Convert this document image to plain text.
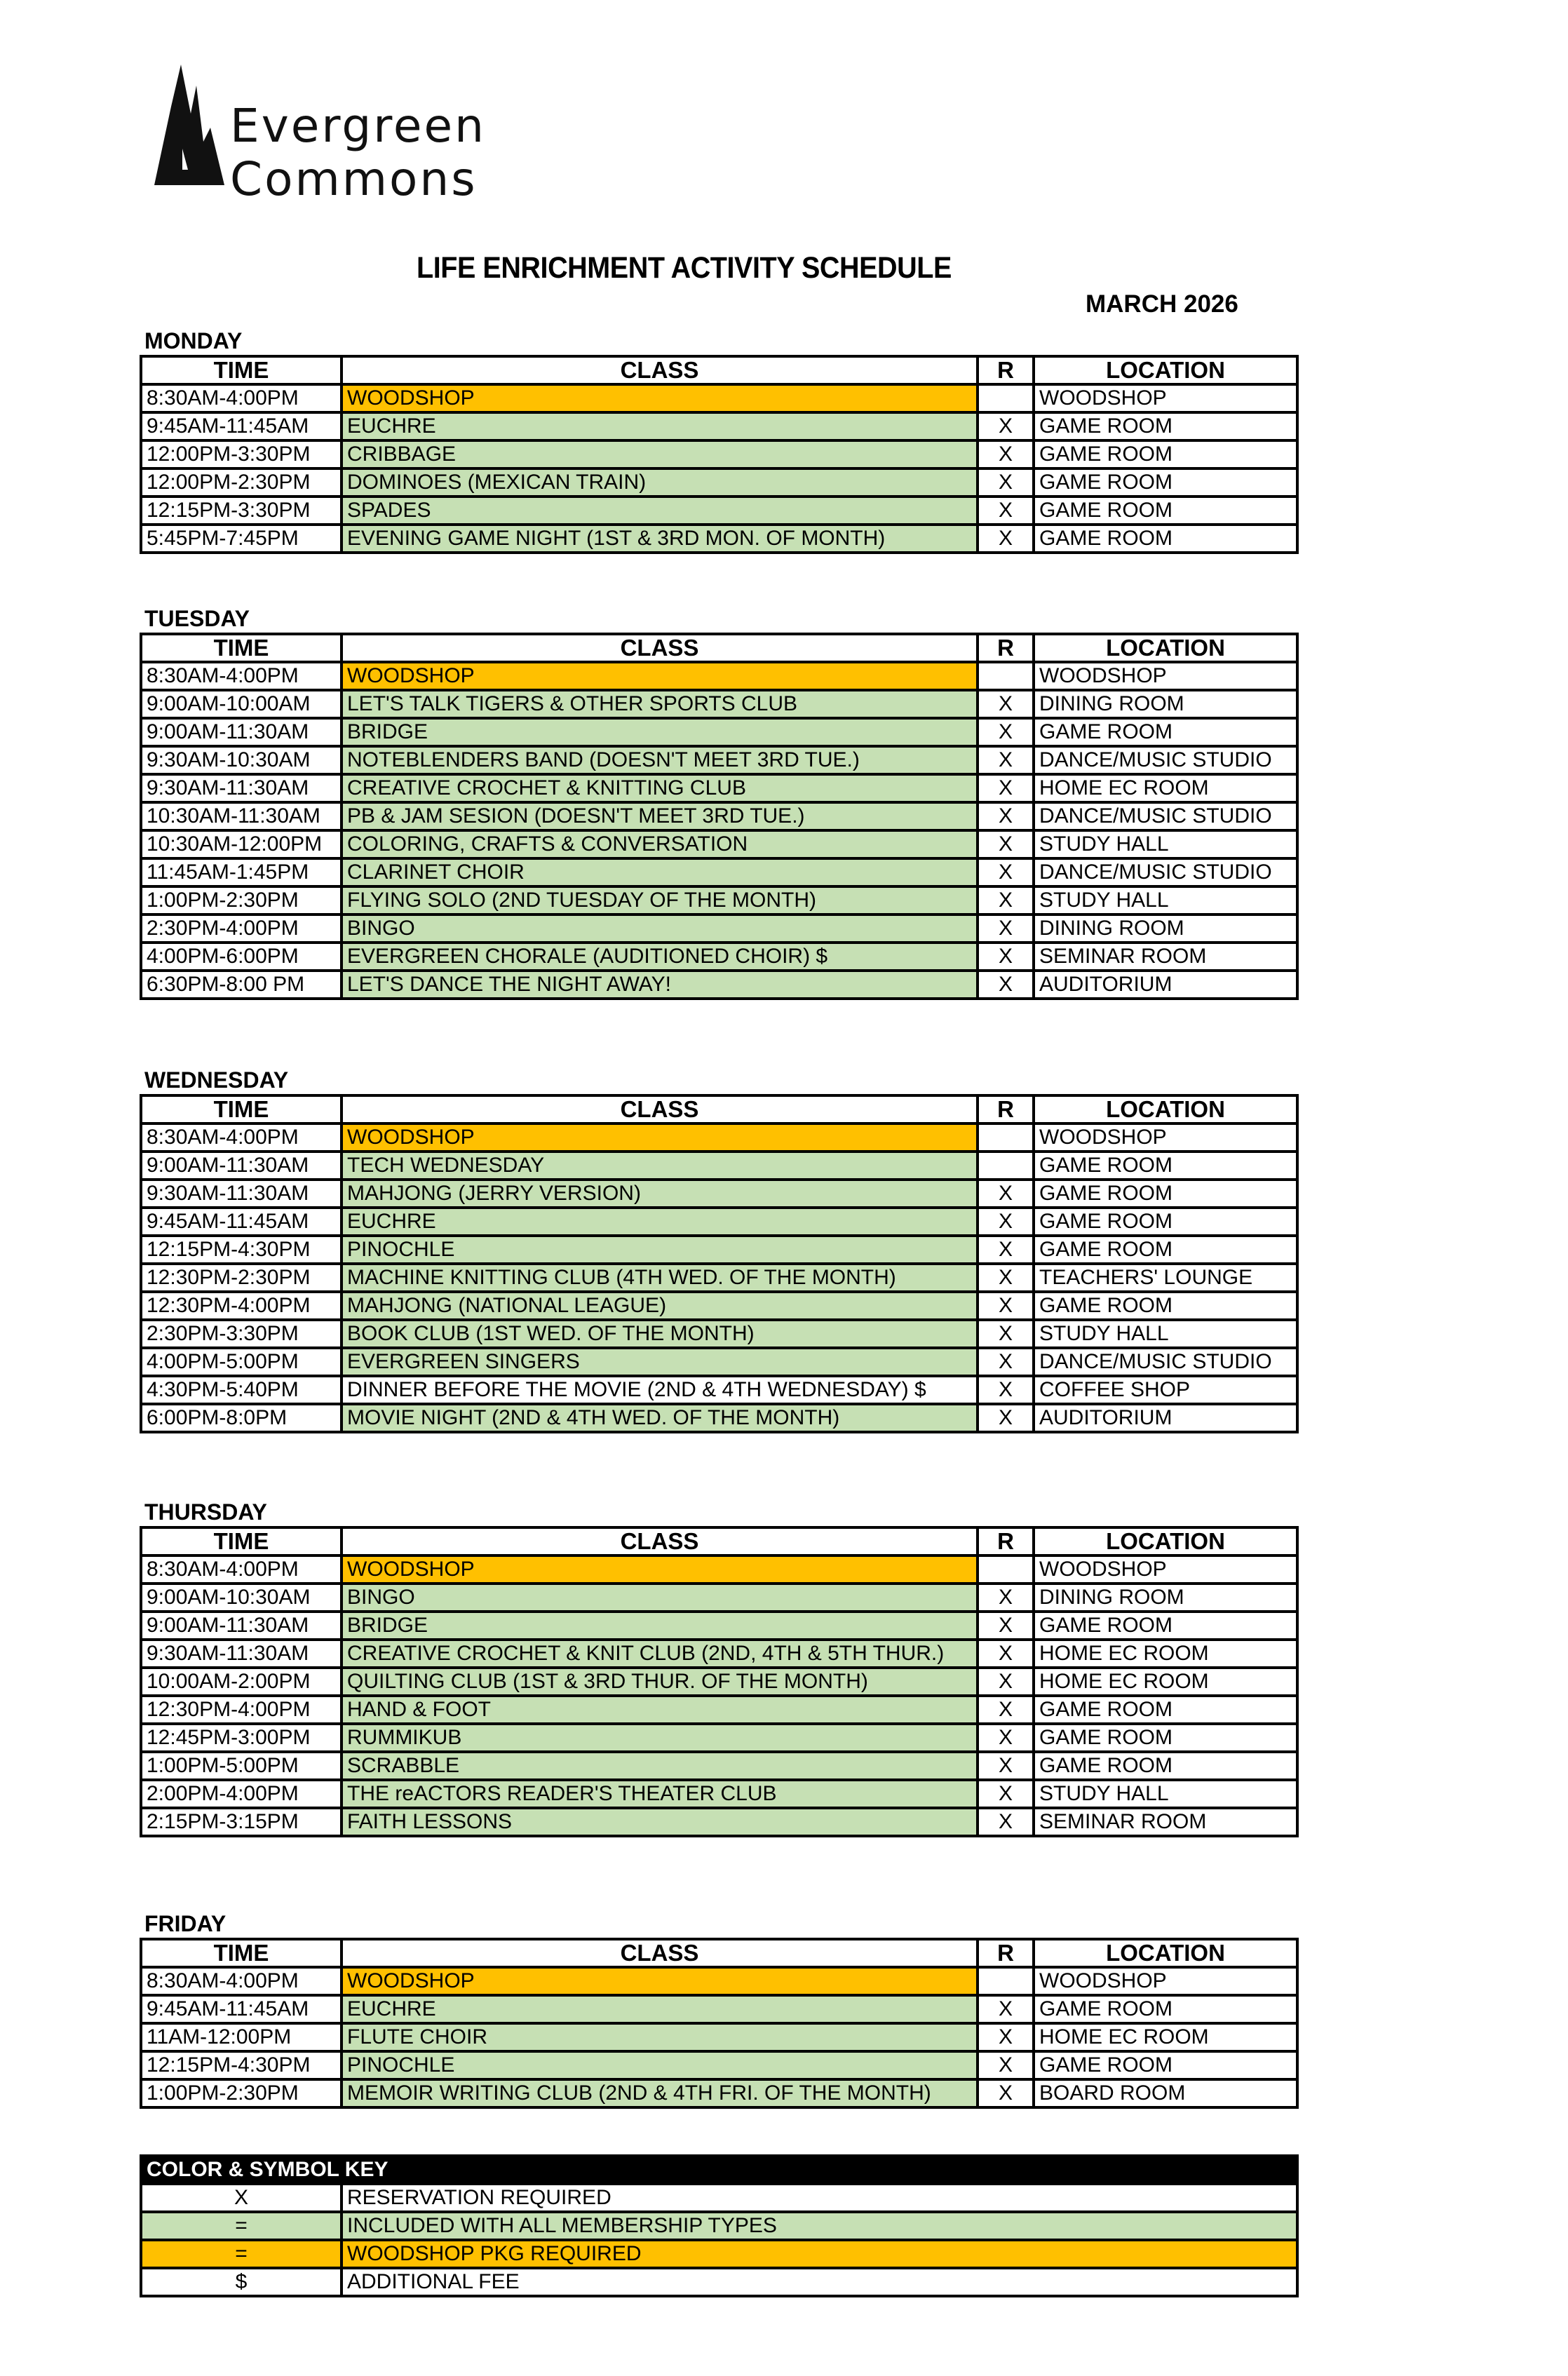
Evergreen
Commons
LIFE ENRICHMENT ACTIVITY SCHEDULE
MARCH 2026
MONDAY
TIME	CLASS	R	LOCATION
8:30AM-4:00PM	WOODSHOP		WOODSHOP
9:45AM-11:45AM	EUCHRE	X	GAME ROOM
12:00PM-3:30PM	CRIBBAGE	X	GAME ROOM
12:00PM-2:30PM	DOMINOES (MEXICAN TRAIN)	X	GAME ROOM
12:15PM-3:30PM	SPADES	X	GAME ROOM
5:45PM-7:45PM	EVENING GAME NIGHT (1ST & 3RD MON. OF MONTH)	X	GAME ROOM
TUESDAY
TIME	CLASS	R	LOCATION
8:30AM-4:00PM	WOODSHOP		WOODSHOP
9:00AM-10:00AM	LET'S TALK TIGERS & OTHER SPORTS CLUB	X	DINING ROOM
9:00AM-11:30AM	BRIDGE	X	GAME ROOM
9:30AM-10:30AM	NOTEBLENDERS BAND (DOESN'T MEET 3RD TUE.)	X	DANCE/MUSIC STUDIO
9:30AM-11:30AM	CREATIVE CROCHET & KNITTING CLUB	X	HOME EC ROOM
10:30AM-11:30AM	PB & JAM SESION (DOESN'T MEET 3RD TUE.)	X	DANCE/MUSIC STUDIO
10:30AM-12:00PM	COLORING, CRAFTS & CONVERSATION	X	STUDY HALL
11:45AM-1:45PM	CLARINET CHOIR	X	DANCE/MUSIC STUDIO
1:00PM-2:30PM	FLYING SOLO (2ND TUESDAY OF THE MONTH)	X	STUDY HALL
2:30PM-4:00PM	BINGO	X	DINING ROOM
4:00PM-6:00PM	EVERGREEN CHORALE (AUDITIONED CHOIR) $	X	SEMINAR ROOM
6:30PM-8:00 PM	LET'S DANCE THE NIGHT AWAY!	X	AUDITORIUM
WEDNESDAY
TIME	CLASS	R	LOCATION
8:30AM-4:00PM	WOODSHOP		WOODSHOP
9:00AM-11:30AM	TECH WEDNESDAY		GAME ROOM
9:30AM-11:30AM	MAHJONG (JERRY VERSION)	X	GAME ROOM
9:45AM-11:45AM	EUCHRE	X	GAME ROOM
12:15PM-4:30PM	PINOCHLE	X	GAME ROOM
12:30PM-2:30PM	MACHINE KNITTING CLUB (4TH WED. OF THE MONTH)	X	TEACHERS' LOUNGE
12:30PM-4:00PM	MAHJONG (NATIONAL LEAGUE)	X	GAME ROOM
2:30PM-3:30PM	BOOK CLUB (1ST WED. OF THE MONTH)	X	STUDY HALL
4:00PM-5:00PM	EVERGREEN SINGERS	X	DANCE/MUSIC STUDIO
4:30PM-5:40PM	DINNER BEFORE THE MOVIE (2ND & 4TH WEDNESDAY) $	X	COFFEE SHOP
6:00PM-8:0PM	MOVIE NIGHT (2ND & 4TH WED. OF THE MONTH)	X	AUDITORIUM
THURSDAY
TIME	CLASS	R	LOCATION
8:30AM-4:00PM	WOODSHOP		WOODSHOP
9:00AM-10:30AM	BINGO	X	DINING ROOM
9:00AM-11:30AM	BRIDGE	X	GAME ROOM
9:30AM-11:30AM	CREATIVE CROCHET & KNIT CLUB (2ND, 4TH & 5TH THUR.)	X	HOME EC ROOM
10:00AM-2:00PM	QUILTING CLUB (1ST & 3RD THUR. OF THE MONTH)	X	HOME EC ROOM
12:30PM-4:00PM	HAND & FOOT	X	GAME ROOM
12:45PM-3:00PM	RUMMIKUB	X	GAME ROOM
1:00PM-5:00PM	SCRABBLE	X	GAME ROOM
2:00PM-4:00PM	THE reACTORS READER'S THEATER CLUB	X	STUDY HALL
2:15PM-3:15PM	FAITH LESSONS	X	SEMINAR ROOM
FRIDAY
TIME	CLASS	R	LOCATION
8:30AM-4:00PM	WOODSHOP		WOODSHOP
9:45AM-11:45AM	EUCHRE	X	GAME ROOM
11AM-12:00PM	FLUTE CHOIR	X	HOME EC ROOM
12:15PM-4:30PM	PINOCHLE	X	GAME ROOM
1:00PM-2:30PM	MEMOIR WRITING CLUB (2ND & 4TH FRI. OF THE MONTH)	X	BOARD ROOM
COLOR & SYMBOL KEY	
X	RESERVATION REQUIRED
=	INCLUDED WITH ALL MEMBERSHIP TYPES
=	WOODSHOP PKG REQUIRED
$	ADDITIONAL FEE
